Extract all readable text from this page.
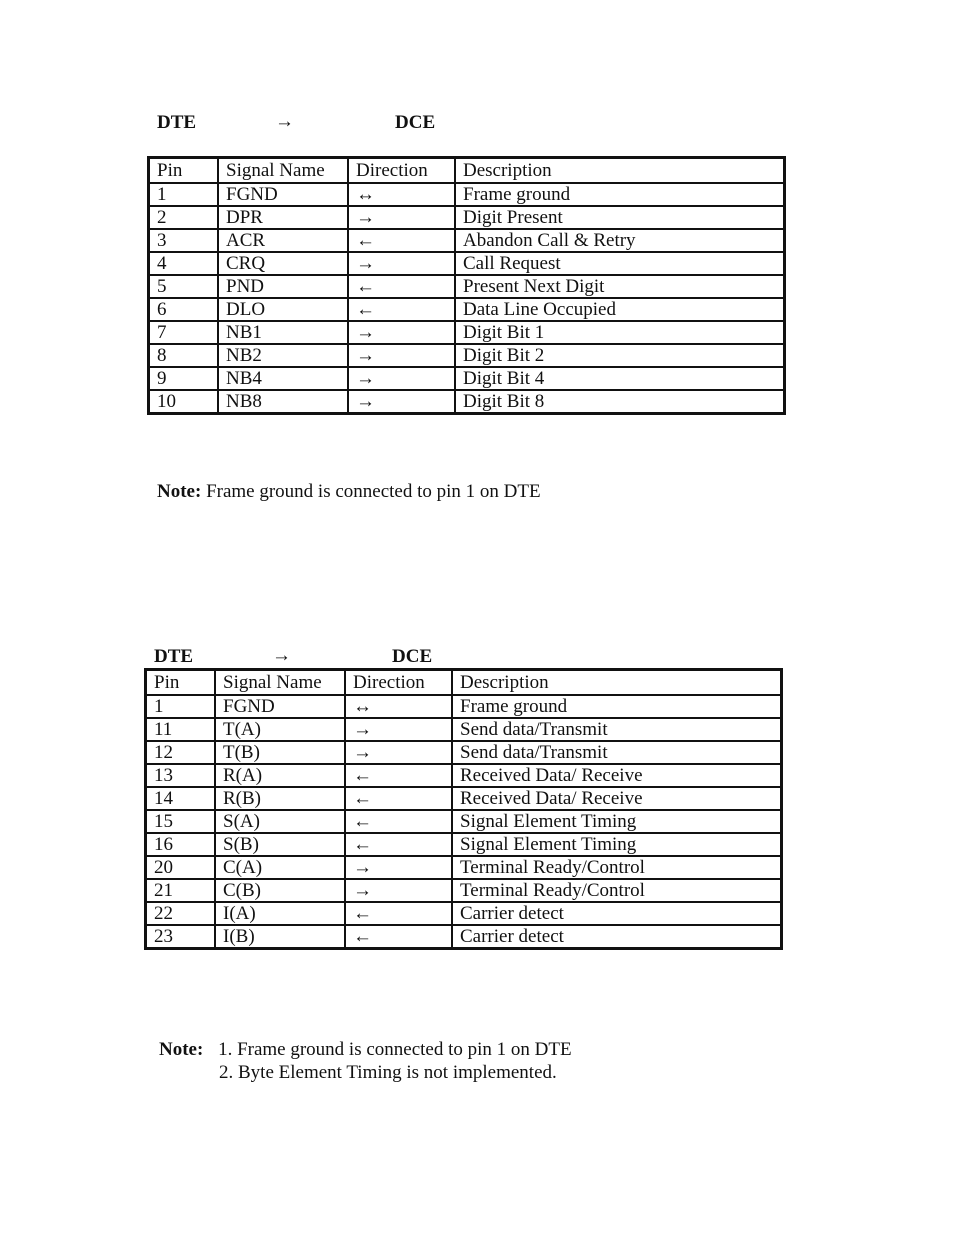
DTE	→	DCE
Pin	Signal Name	Direction	Description
1	FGND	↔	Frame ground
2	DPR	→	Digit Present
3	ACR	←	Abandon Call & Retry
4	CRQ	→	Call Request
5	PND	←	Present Next Digit
6	DLO	←	Data Line Occupied
7	NB1	→	Digit Bit 1
8	NB2	→	Digit Bit 2
9	NB4	→	Digit Bit 4
10	NB8	→	Digit Bit 8
Note: Frame ground is connected to pin 1 on DTE
DTE	→	DCE
Pin	Signal Name	Direction	Description
1	FGND	↔	Frame ground
11	T(A)	→	Send data/Transmit
12	T(B)	→	Send data/Transmit
13	R(A)	←	Received Data/ Receive
14	R(B)	←	Received Data/ Receive
15	S(A)	←	Signal Element Timing
16	S(B)	←	Signal Element Timing
20	C(A)	→	Terminal Ready/Control
21	C(B)	→	Terminal Ready/Control
22	I(A)	←	Carrier detect
23	I(B)	←	Carrier detect
Note: 1. Frame ground is connected to pin 1 on DTE
2. Byte Element Timing is not implemented.
